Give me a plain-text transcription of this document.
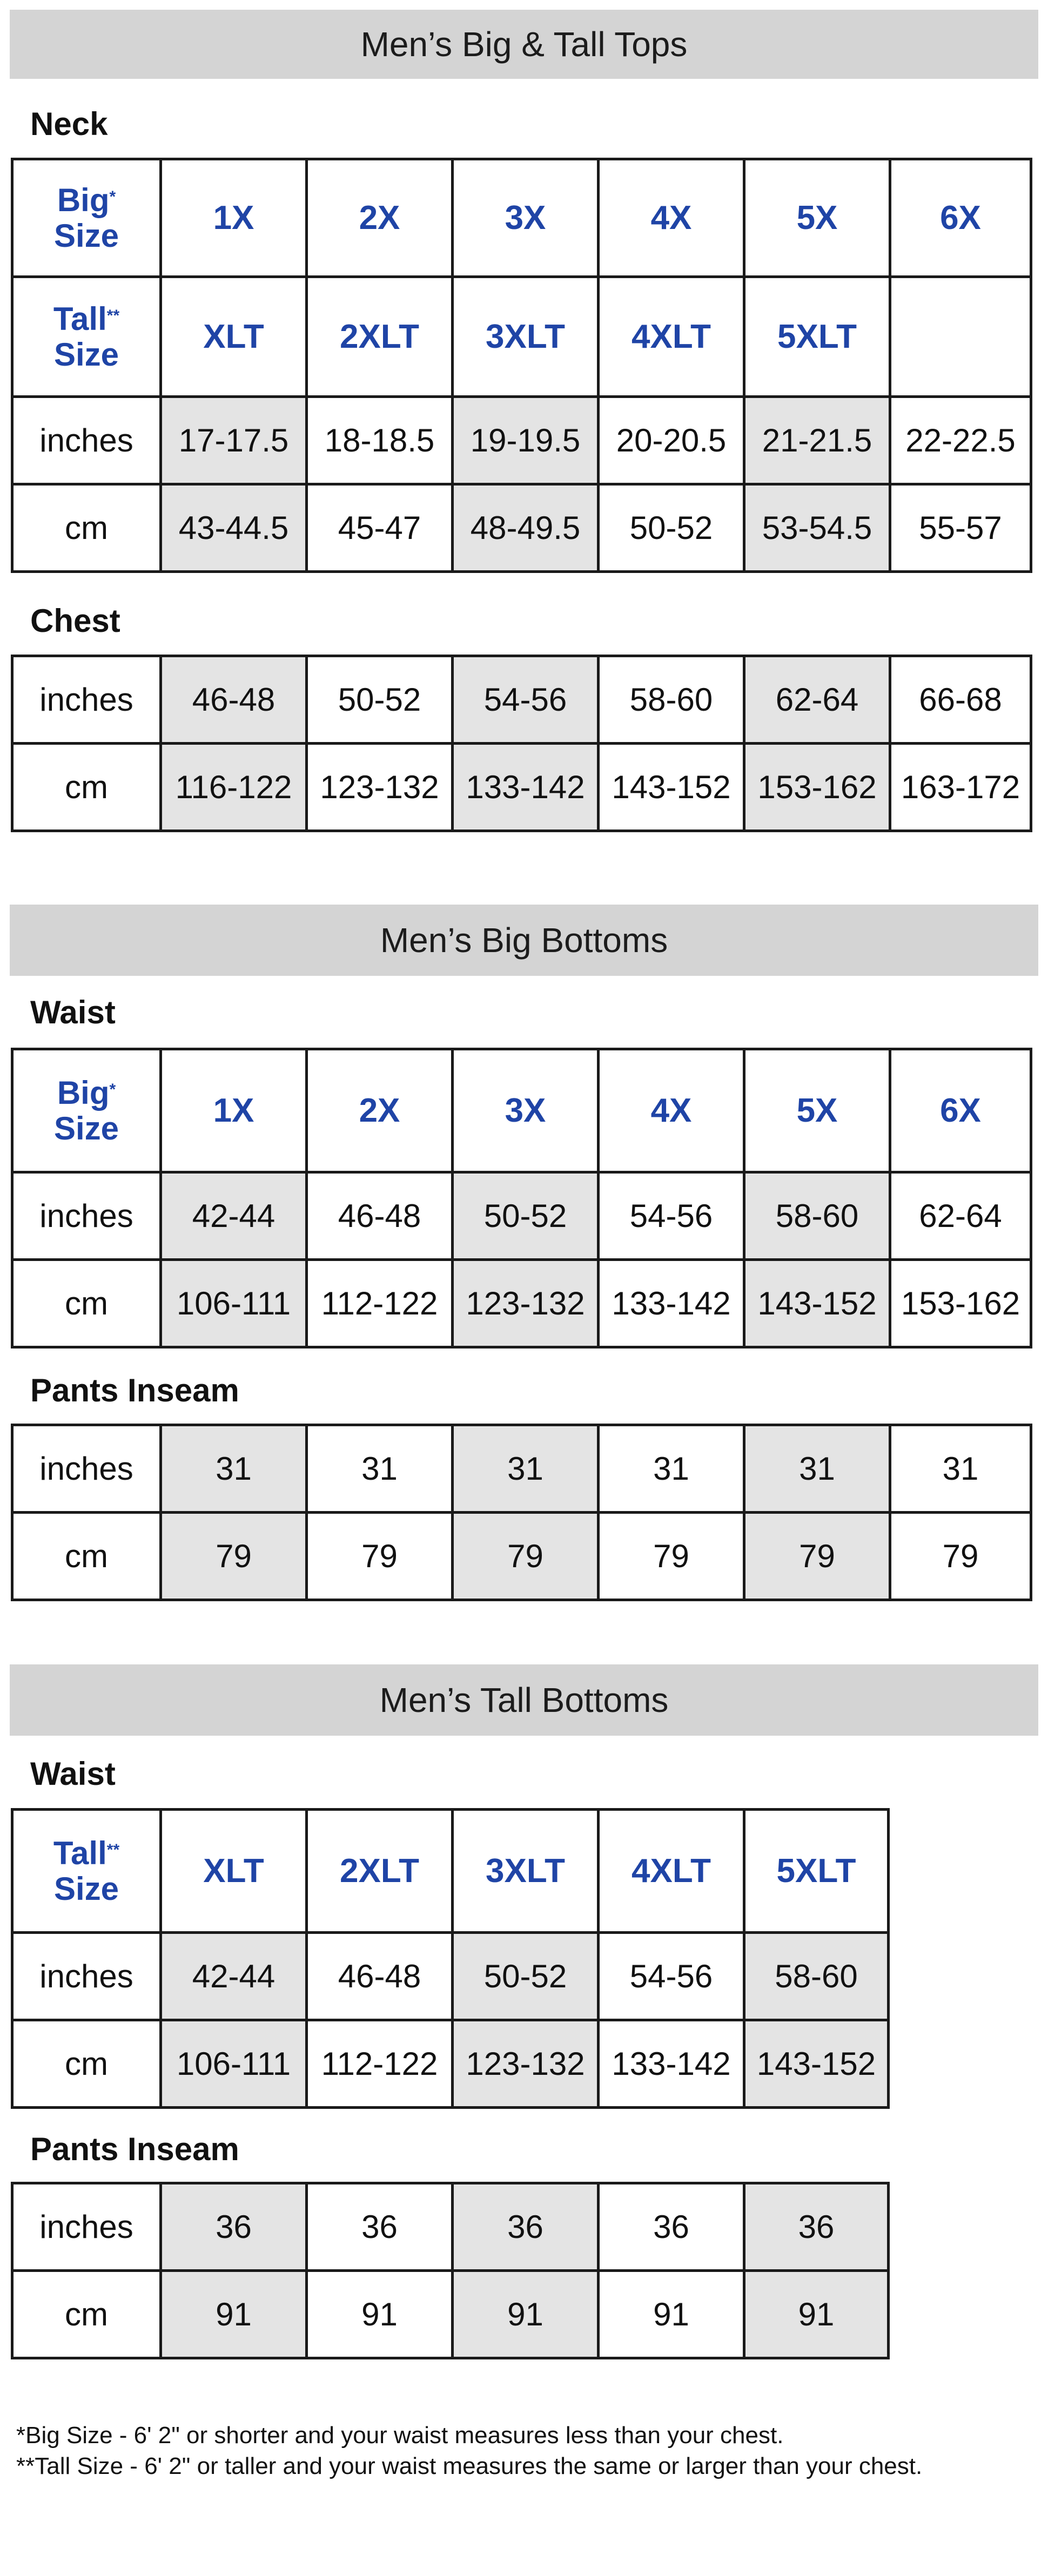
Men’s Big & Tall Tops
Neck
Big*
Size	1X	2X	3X	4X	5X	6X
Tall**
Size	XLT	2XLT	3XLT	4XLT	5XLT	
inches	17-17.5	18-18.5	19-19.5	20-20.5	21-21.5	22-22.5
cm	43-44.5	45-47	48-49.5	50-52	53-54.5	55-57
Chest
inches	46-48	50-52	54-56	58-60	62-64	66-68
cm	116-122	123-132	133-142	143-152	153-162	163-172
Men’s Big Bottoms
Waist
Big*
Size	1X	2X	3X	4X	5X	6X
inches	42-44	46-48	50-52	54-56	58-60	62-64
cm	106-111	112-122	123-132	133-142	143-152	153-162
Pants Inseam
inches	31	31	31	31	31	31
cm	79	79	79	79	79	79
Men’s Tall Bottoms
Waist
Tall**
Size	XLT	2XLT	3XLT	4XLT	5XLT
inches	42-44	46-48	50-52	54-56	58-60
cm	106-111	112-122	123-132	133-142	143-152
Pants Inseam
inches	36	36	36	36	36
cm	91	91	91	91	91
*Big Size - 6' 2" or shorter and your waist measures less than your chest.
**Tall Size - 6' 2" or taller and your waist measures the same or larger than your chest.
